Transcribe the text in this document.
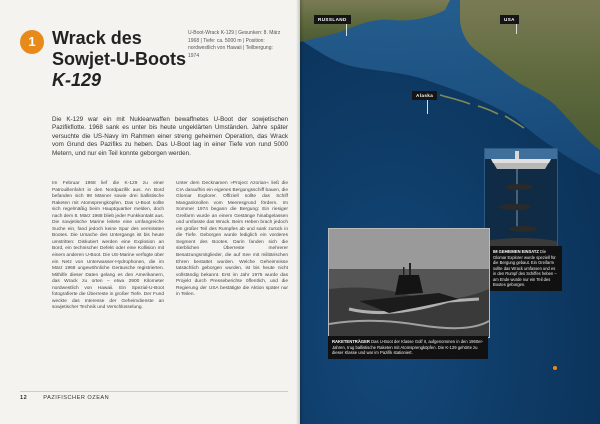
1 Wrack des
Sowjet-U-Boots
K-129
U-Boot-Wrack K-129 | Gesunken: 8. März 1968 | Tiefe: ca. 5000 m | Position: nordwestlich von Hawaii | Teilbergung: 1974
Die K-129 war ein mit Nuklearwaffen bewaffnetes U-Boot der sowjetischen Pazifikflotte. 1968 sank es unter bis heute ungeklärten Umständen. Jahre später versuchte die US-Navy im Rahmen einer streng geheimen Operation, das Wrack vom Grund des Pazifiks zu heben. Das U-Boot lag in einer Tiefe von rund 5000 Metern, und nur ein Teil konnte geborgen werden.
Im Februar 1968 lief die K-129 zu einer Patrouillenfahrt in den Nordpazifik aus. An Bord befanden sich 98 Männer sowie drei ballistische Raketen mit Atomsprengköpfen. Das U-Boot sollte sich regelmäßig beim Hauptquartier melden, doch nach dem 8. März 1968 blieb jeder Funkkontakt aus. Die sowjetische Marine leitete eine umfangreiche Suche ein, fand jedoch keine Spur des vermissten Bootes. Die Ursache des Untergangs ist bis heute umstritten: Diskutiert werden eine Explosion an Bord, ein technischer Defekt oder eine Kollision mit einem anderen U-Boot. Die US-Marine verfügte über ein Netz von Unterwasser-Hydrophonen, die im März 1968 ungewöhnliche Geräusche registrierten. Mithilfe dieser Daten gelang es den Amerikanern, das Wrack zu orten – etwa 2900 Kilometer nordwestlich von Hawaii. Ein Spezial-U-Boot fotografierte die Überreste in großer Tiefe. Der Fund weckte das Interesse der Geheimdienste an sowjetischer Technik und Verschlüsselung.
Unter dem Decknamen »Project Azorian« ließ die CIA daraufhin ein eigenes Bergungsschiff bauen, die Glomar Explorer. Offiziell sollte das Schiff Manganknollen vom Meeresgrund fördern. Im Sommer 1974 begann die Bergung: Ein riesiger Greifarm wurde an einem Gestänge hinabgelassen und umfasste das Wrack. Beim Heben brach jedoch ein großer Teil des Rumpfes ab und sank zurück in die Tiefe. Geborgen wurde lediglich ein vorderes Segment des Bootes. Darin fanden sich die sterblichen Überreste mehrerer Besatzungsmitglieder, die auf See mit militärischen Ehren bestattet wurden. Welche Geheimnisse tatsächlich geborgen wurden, ist bis heute nicht vollständig bekannt. Erst im Jahr 1975 wurde das Projekt durch Presseberichte öffentlich, und die Regierung der USA bestätigte die Aktion später nur in Teilen.
12	PAZIFISCHER OZEAN
RUSSLAND	USA
Alaska
IM GEHEIMEN EINSATZ Die Glomar Explorer wurde speziell für die Bergung gebaut. Ein Greifarm sollte das Wrack umfassen und es in den Rumpf des Schiffes heben – am Ende wurde nur ein Teil des Bootes geborgen.
RAKETENTRÄGER Das U-Boot der Klasse Golf II, aufgenommen in den 1960er-Jahren, trug ballistische Raketen mit Atomsprengköpfen. Die K-129 gehörte zu dieser Klasse und war im Pazifik stationiert.
